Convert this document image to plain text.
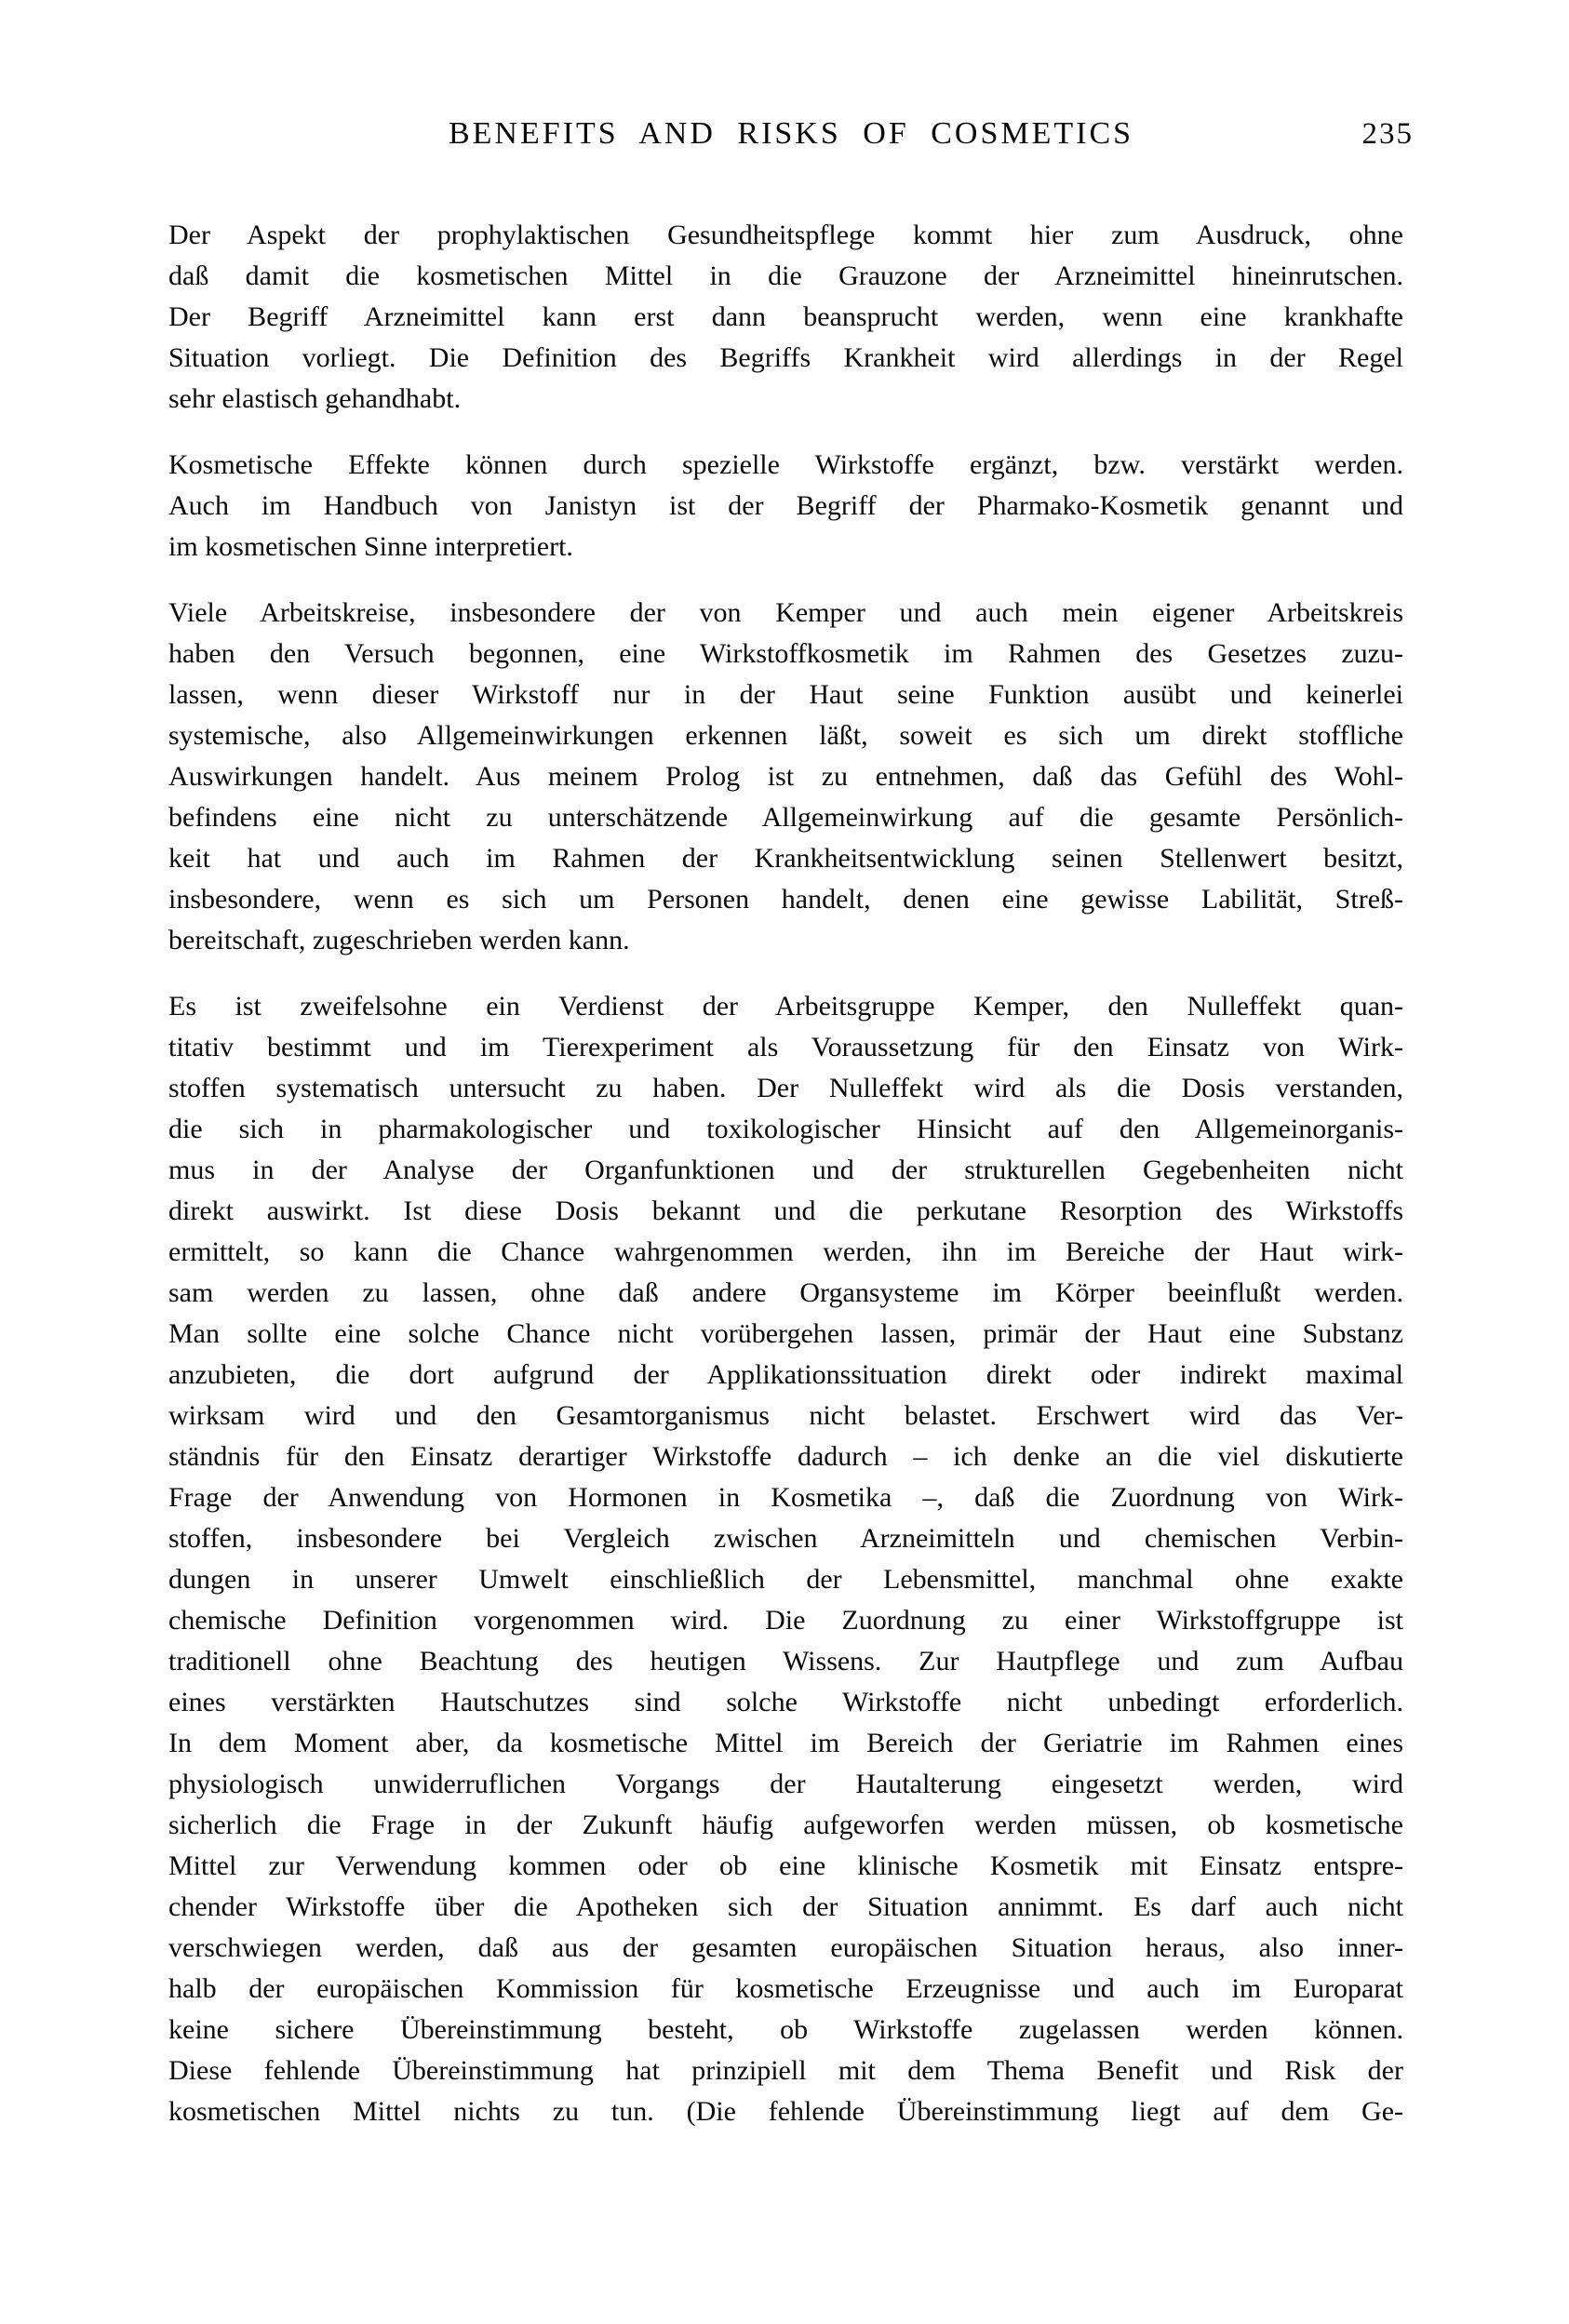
BENEFITS AND RISKS OF COSMETICS	235
Der Aspekt der prophylaktischen Gesundheitspflege kommt hier zum Ausdruck, ohne
daß damit die kosmetischen Mittel in die Grauzone der Arzneimittel hineinrutschen.
Der Begriff Arzneimittel kann erst dann beansprucht werden, wenn eine krankhafte
Situation vorliegt. Die Definition des Begriffs Krankheit wird allerdings in der Regel
sehr elastisch gehandhabt.
Kosmetische Effekte können durch spezielle Wirkstoffe ergänzt, bzw. verstärkt werden.
Auch im Handbuch von Janistyn ist der Begriff der Pharmako-Kosmetik genannt und
im kosmetischen Sinne interpretiert.
Viele Arbeitskreise, insbesondere der von Kemper und auch mein eigener Arbeitskreis
haben den Versuch begonnen, eine Wirkstoffkosmetik im Rahmen des Gesetzes zuzu-
lassen, wenn dieser Wirkstoff nur in der Haut seine Funktion ausübt und keinerlei
systemische, also Allgemeinwirkungen erkennen läßt, soweit es sich um direkt stoffliche
Auswirkungen handelt. Aus meinem Prolog ist zu entnehmen, daß das Gefühl des Wohl-
befindens eine nicht zu unterschätzende Allgemeinwirkung auf die gesamte Persönlich-
keit hat und auch im Rahmen der Krankheitsentwicklung seinen Stellenwert besitzt,
insbesondere, wenn es sich um Personen handelt, denen eine gewisse Labilität, Streß-
bereitschaft, zugeschrieben werden kann.
Es ist zweifelsohne ein Verdienst der Arbeitsgruppe Kemper, den Nulleffekt quan-
titativ bestimmt und im Tierexperiment als Voraussetzung für den Einsatz von Wirk-
stoffen systematisch untersucht zu haben. Der Nulleffekt wird als die Dosis verstanden,
die sich in pharmakologischer und toxikologischer Hinsicht auf den Allgemeinorganis-
mus in der Analyse der Organfunktionen und der strukturellen Gegebenheiten nicht
direkt auswirkt. Ist diese Dosis bekannt und die perkutane Resorption des Wirkstoffs
ermittelt, so kann die Chance wahrgenommen werden, ihn im Bereiche der Haut wirk-
sam werden zu lassen, ohne daß andere Organsysteme im Körper beeinflußt werden.
Man sollte eine solche Chance nicht vorübergehen lassen, primär der Haut eine Substanz
anzubieten, die dort aufgrund der Applikationssituation direkt oder indirekt maximal
wirksam wird und den Gesamtorganismus nicht belastet. Erschwert wird das Ver-
ständnis für den Einsatz derartiger Wirkstoffe dadurch – ich denke an die viel diskutierte
Frage der Anwendung von Hormonen in Kosmetika –, daß die Zuordnung von Wirk-
stoffen, insbesondere bei Vergleich zwischen Arzneimitteln und chemischen Verbin-
dungen in unserer Umwelt einschließlich der Lebensmittel, manchmal ohne exakte
chemische Definition vorgenommen wird. Die Zuordnung zu einer Wirkstoffgruppe ist
traditionell ohne Beachtung des heutigen Wissens. Zur Hautpflege und zum Aufbau
eines verstärkten Hautschutzes sind solche Wirkstoffe nicht unbedingt erforderlich.
In dem Moment aber, da kosmetische Mittel im Bereich der Geriatrie im Rahmen eines
physiologisch unwiderruflichen Vorgangs der Hautalterung eingesetzt werden, wird
sicherlich die Frage in der Zukunft häufig aufgeworfen werden müssen, ob kosmetische
Mittel zur Verwendung kommen oder ob eine klinische Kosmetik mit Einsatz entspre-
chender Wirkstoffe über die Apotheken sich der Situation annimmt. Es darf auch nicht
verschwiegen werden, daß aus der gesamten europäischen Situation heraus, also inner-
halb der europäischen Kommission für kosmetische Erzeugnisse und auch im Europarat
keine sichere Übereinstimmung besteht, ob Wirkstoffe zugelassen werden können.
Diese fehlende Übereinstimmung hat prinzipiell mit dem Thema Benefit und Risk der
kosmetischen Mittel nichts zu tun. (Die fehlende Übereinstimmung liegt auf dem Ge-
